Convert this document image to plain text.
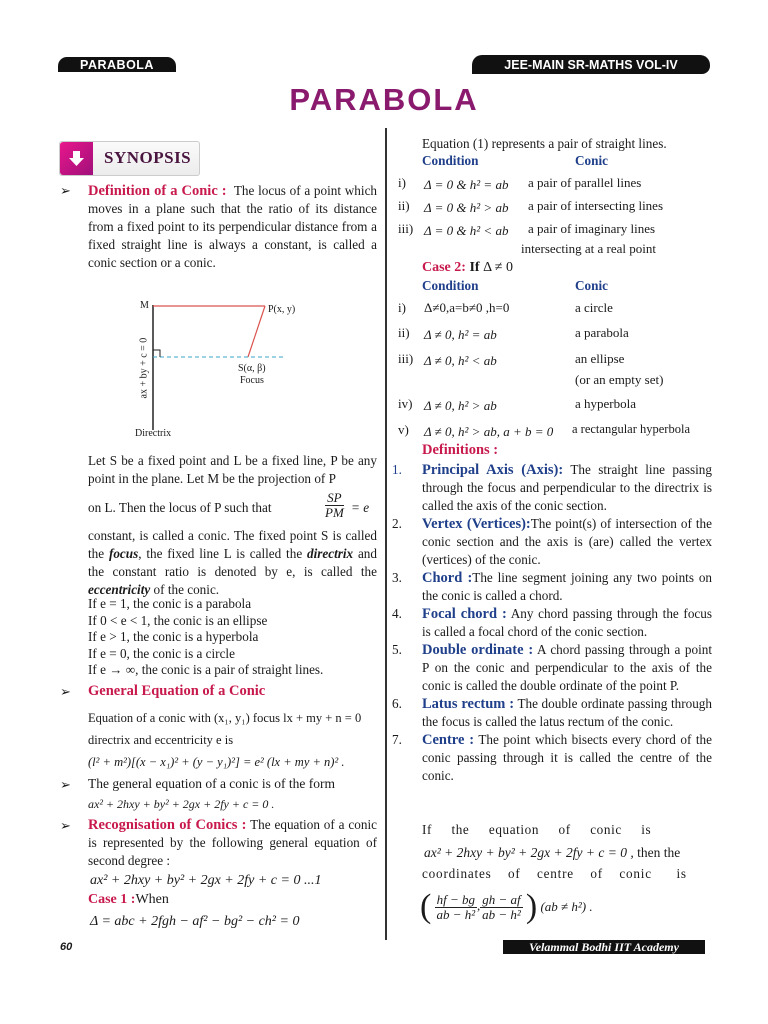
PARABOLA	JEE-MAIN SR-MATHS VOL-IV
PARABOLA
SYNOPSIS
➢ Definition of a Conic : The locus of a point which moves in a plane such that the ratio of its distance from a fixed point to its perpendicular distance from a fixed straight line is always a constant, is called a conic section or a conic.
M	P(x, y)
S(α, β)
Focus
ax + by + c = 0
Directrix
Let S be a fixed point and L be a fixed line, P be any point in the plane. Let M be the projection of P
on L. Then the locus of P such that	$\frac{SP}{PM} = e$
constant, is called a conic. The fixed point S is called the focus, the fixed line L is called the directrix and the constant ratio is denoted by e, is called the eccentricity of the conic.
If e = 1, the conic is a parabola
If 0 < e < 1, the conic is an ellipse
If e > 1, the conic is a hyperbola
If e = 0, the conic is a circle
If e → ∞, the conic is a pair of straight lines.
➢ General Equation of a Conic
Equation of a conic with (x₁, y₁) focus lx + my + n = 0
directrix and eccentricity e is
(l² + m²)[(x − x₁)² + (y − y₁)²] = e² (lx + my + n)² .
➢ The general equation of a conic is of the form
ax² + 2hxy + by² + 2gx + 2fy + c = 0 .
➢ Recognisation of Conics : The equation of a conic is represented by the following general equation of second degree :
ax² + 2hxy + by² + 2gx + 2fy + c = 0 ...1
Case 1 :When
Δ = abc + 2fgh − af² − bg² − ch² = 0
Equation (1) represents a pair of straight lines.
Condition	Conic
i) Δ = 0 & h² = ab a pair of parallel lines
ii) Δ = 0 & h² > ab a pair of intersecting lines
iii) Δ = 0 & h² < ab a pair of imaginary lines
intersecting at a real point
Case 2: If Δ ≠ 0
Condition	Conic
i) Δ≠0,a=b≠0 ,h=0	a circle
ii) Δ ≠ 0, h² = ab	a parabola
iii) Δ ≠ 0, h² < ab	an ellipse
(or an empty set)
iv) Δ ≠ 0, h² > ab	a hyperbola
v) Δ ≠ 0, h² > ab, a + b = 0 a rectangular hyperbola
Definitions :
1. Principal Axis (Axis): The straight line passing through the focus and perpendicular to the directrix is called the axis of the conic section.
2. Vertex (Vertices):The point(s) of intersection of the conic section and the axis is (are) called the vertex (vertices) of the conic.
3. Chord :The line segment joining any two points on the conic is called a chord.
4. Focal chord : Any chord passing through the focus is called a focal chord of the conic section.
5. Double ordinate : A chord passing through a point P on the conic and perpendicular to the axis of the conic is called the double ordinate of the point P.
6. Latus rectum : The double ordinate passing through the focus is called the latus rectum of the conic.
7. Centre : The point which bisects every chord of the conic passing through it is called the centre of the conic.
If     the     equation     of     conic     is
ax² + 2hxy + by² + 2gx + 2fy + c = 0 , then the
coordinates    of    centre    of    conic      is
( $\frac{hf - bg}{\text{ab − h²}}$ , $\frac{gh - af}{\text{ab − h²}}$ ) (ab ≠ h²) .
60	Velammal Bodhi IIT Academy
